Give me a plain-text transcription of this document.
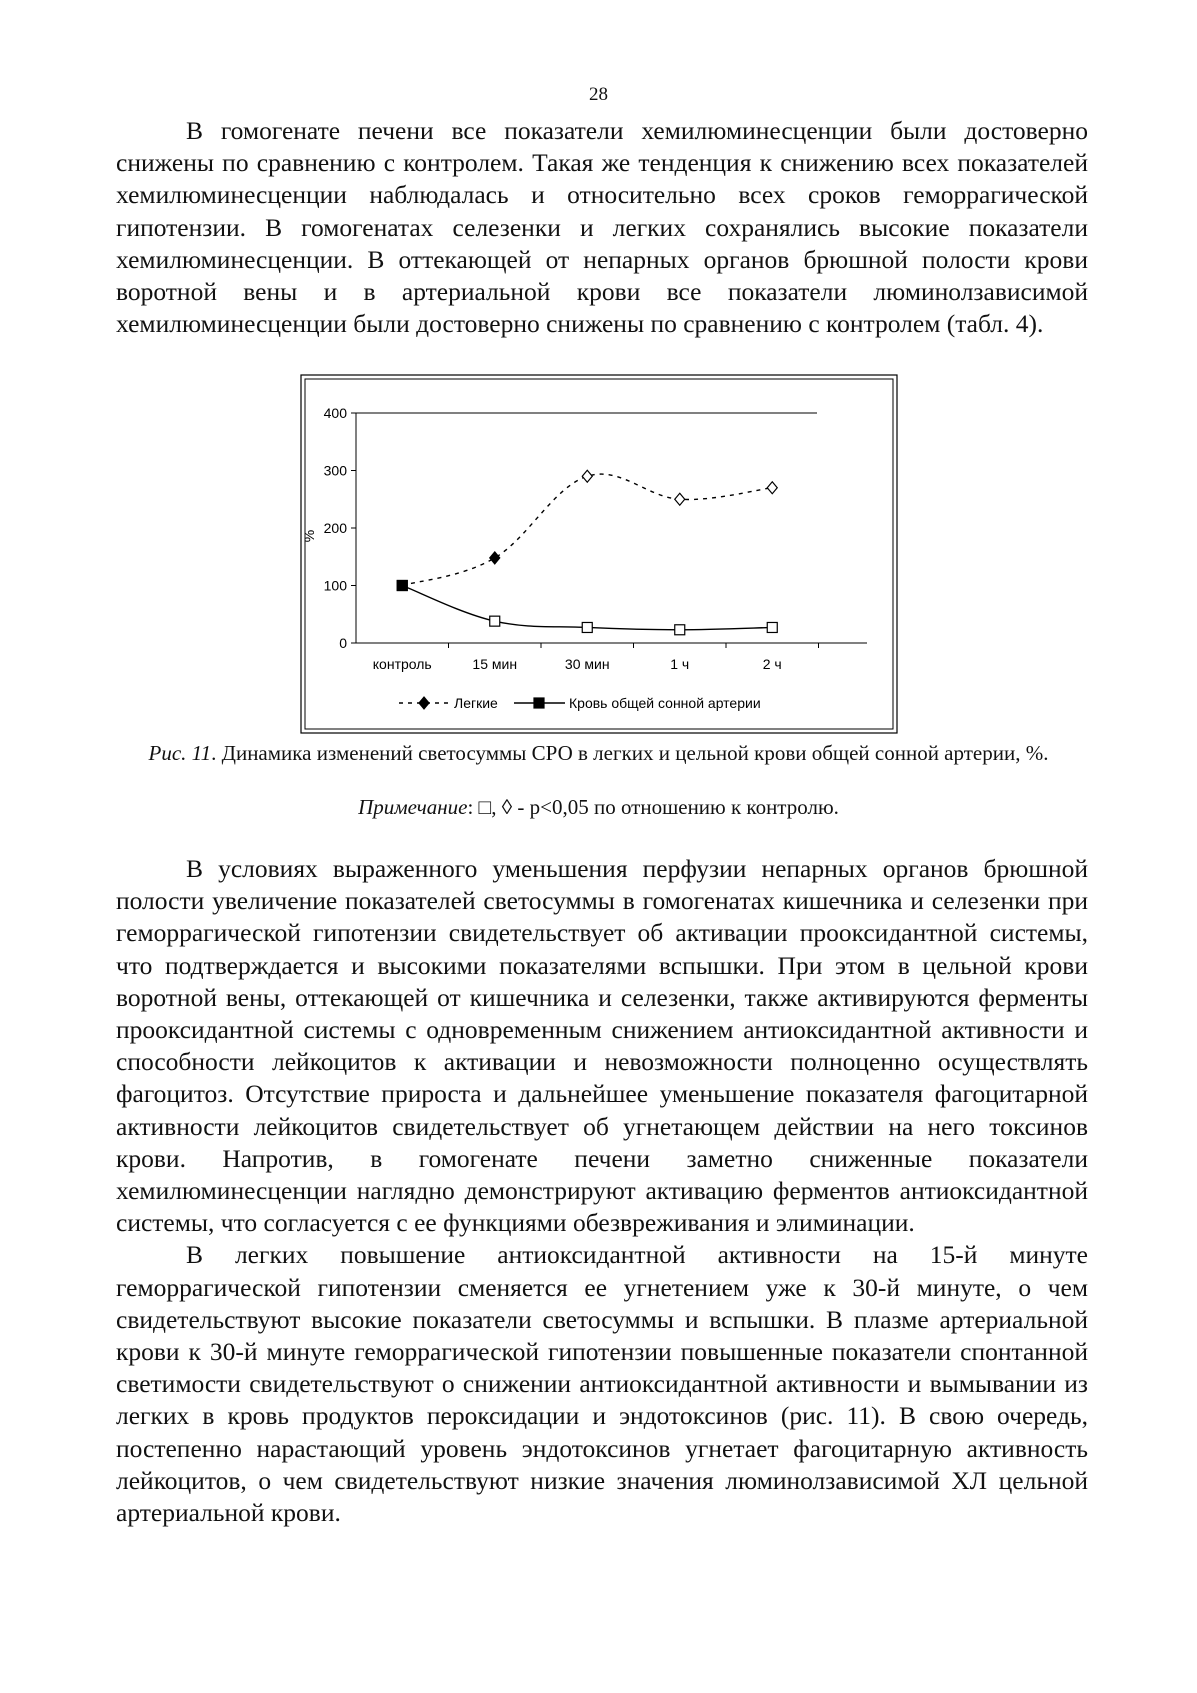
28

В гомогенате печени все показатели хемилюминесценции были достоверно снижены по сравнению с контролем. Такая же тенденция к снижению всех показателей хемилюминесценции наблюдалась и относительно всех сроков геморрагической гипотензии. В гомогенатах селезенки и легких сохранялись высокие показатели хемилюминесценции. В оттекающей от непарных органов брюшной полости крови воротной вены и в артериальной крови все показатели люминолзависимой хемилюминесценции были достоверно снижены по сравнению с контролем (табл. 4).

0
100
200
300
400
контроль	15 мин	30 мин	1 ч	2 ч
%
Легкие	Кровь общей сонной артерии
Рис. 11. Динамика изменений светосуммы СРО в легких и цельной крови общей сонной артерии, %.
Примечание: □, ◊ - р<0,05 по отношению к контролю.

В условиях выраженного уменьшения перфузии непарных органов брюшной полости увеличение показателей светосуммы в гомогенатах кишечника и селезенки при геморрагической гипотензии свидетельствует об активации прооксидантной системы, что подтверждается и высокими показателями вспышки. При этом в цельной крови воротной вены, оттекающей от кишечника и селезенки, также активируются ферменты прооксидантной системы с одновременным снижением антиоксидантной активности и способности лейкоцитов к активации и невозможности полноценно осуществлять фагоцитоз. Отсутствие прироста и дальнейшее уменьшение показателя фагоцитарной активности лейкоцитов свидетельствует об угнетающем действии на него токсинов крови. Напротив, в гомогенате печени заметно сниженные показатели хемилюминесценции наглядно демонстрируют активацию ферментов антиоксидантной системы, что согласуется с ее функциями обезвреживания и элиминации.

В легких повышение антиоксидантной активности на 15-й минуте геморрагической гипотензии сменяется ее угнетением уже к 30-й минуте, о чем свидетельствуют высокие показатели светосуммы и вспышки. В плазме артериальной крови к 30-й минуте геморрагической гипотензии повышенные показатели спонтанной светимости свидетельствуют о снижении антиоксидантной активности и вымывании из легких в кровь продуктов пероксидации и эндотоксинов (рис. 11). В свою очередь, постепенно нарастающий уровень эндотоксинов угнетает фагоцитарную активность лейкоцитов, о чем свидетельствуют низкие значения люминолзависимой ХЛ цельной артериальной крови.
